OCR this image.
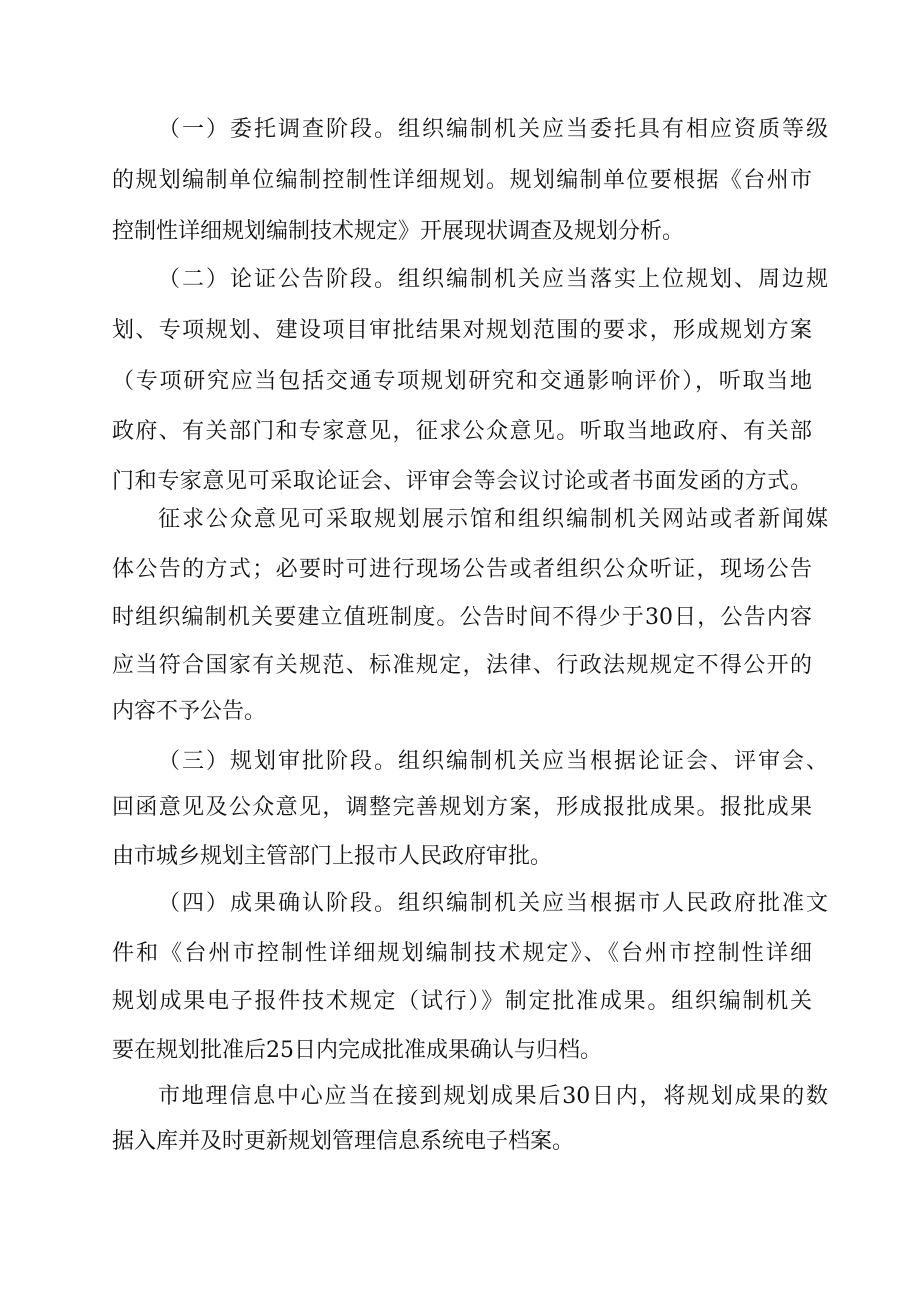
（一）委托调查阶段。组织编制机关应当委托具有相应资质等级
的规划编制单位编制控制性详细规划。规划编制单位要根据《台州市
控制性详细规划编制技术规定》开展现状调查及规划分析。
（二）论证公告阶段。组织编制机关应当落实上位规划、周边规
划、专项规划、建设项目审批结果对规划范围的要求，形成规划方案
（专项研究应当包括交通专项规划研究和交通影响评价），听取当地
政府、有关部门和专家意见，征求公众意见。听取当地政府、有关部
门和专家意见可采取论证会、评审会等会议讨论或者书面发函的方式。
征求公众意见可采取规划展示馆和组织编制机关网站或者新闻媒
体公告的方式；必要时可进行现场公告或者组织公众听证，现场公告
时组织编制机关要建立值班制度。公告时间不得少于30日，公告内容
应当符合国家有关规范、标准规定，法律、行政法规规定不得公开的
内容不予公告。
（三）规划审批阶段。组织编制机关应当根据论证会、评审会、
回函意见及公众意见，调整完善规划方案，形成报批成果。报批成果
由市城乡规划主管部门上报市人民政府审批。
（四）成果确认阶段。组织编制机关应当根据市人民政府批准文
件和《台州市控制性详细规划编制技术规定》、《台州市控制性详细
规划成果电子报件技术规定（试行）》制定批准成果。组织编制机关
要在规划批准后25日内完成批准成果确认与归档。
市地理信息中心应当在接到规划成果后30日内，将规划成果的数
据入库并及时更新规划管理信息系统电子档案。
